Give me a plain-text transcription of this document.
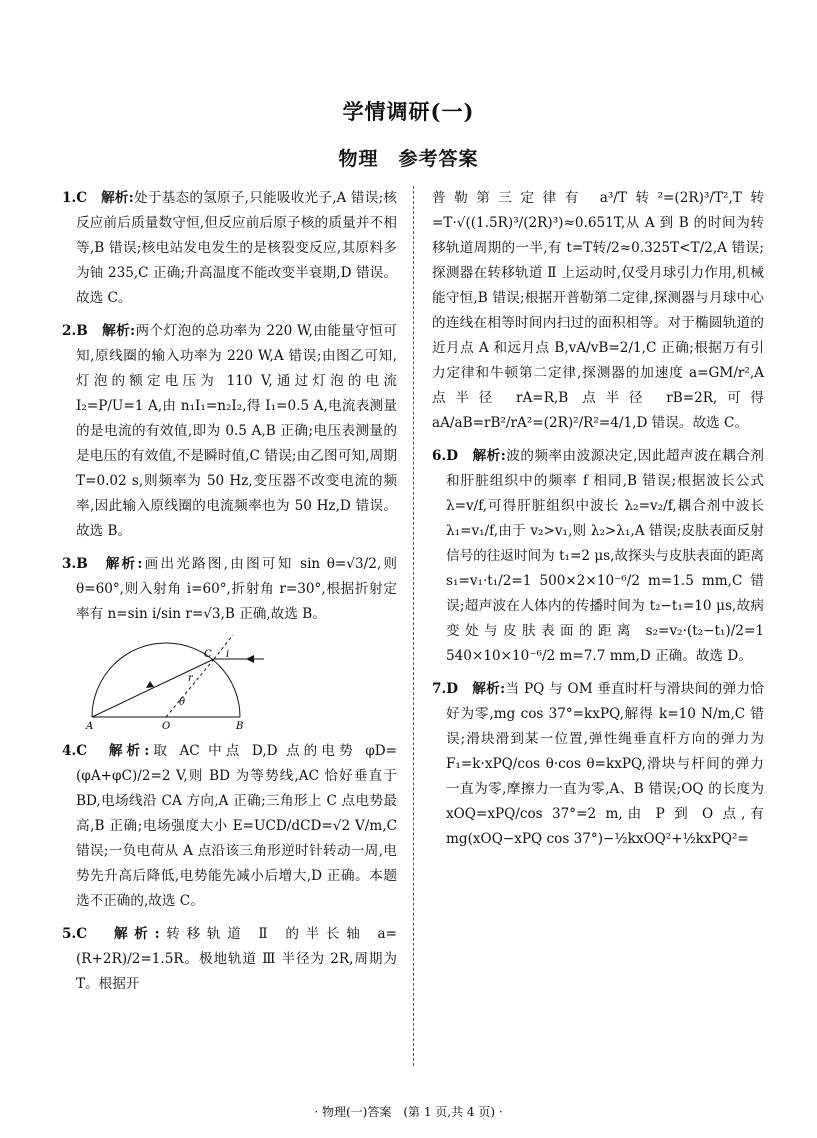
学情调研(一)
物理　参考答案

1.C　 解析:处于基态的氢原子,只能吸收光子,A 错误;核反应前后质量数守恒,但反应前后原子核的质量并不相等,B 错误;核电站发电发生的是核裂变反应,其原料多为铀 235,C 正确;升高温度不能改变半衰期,D 错误。故选 C。

2.B　 解析:两个灯泡的总功率为 220 W,由能量守恒可知,原线圈的输入功率为 220 W,A 错误;由图乙可知,灯泡的额定电压为 110 V,通过灯泡的电流 I₂=P/U=1 A,由 n₁I₁=n₂I₂,得 I₁=0.5 A,电流表测量的是电流的有效值,即为 0.5 A,B 正确;电压表测量的是电压的有效值,不是瞬时值,C 错误;由乙图可知,周期 T=0.02 s,则频率为 50 Hz,变压器不改变电流的频率,因此输入原线圈的电流频率也为 50 Hz,D 错误。故选 B。

3.B　 解析:画出光路图,由图可知 sin θ=√3/2,则 θ=60°,则入射角 i=60°,折射角 r=30°,根据折射定率有 n=sin i/sin r=√3,B 正确,故选 B。

A	O	B
C i
r
θ

4.C　 解析:取 AC 中点 D,D 点的电势 φD=(φA+φC)/2=2 V,则 BD 为等势线,AC 恰好垂直于 BD,电场线沿 CA 方向,A 正确;三角形上 C 点电势最高,B 正确;电场强度大小 E=UCD/dCD=√2 V/m,C 错误;一负电荷从 A 点沿该三角形逆时针转动一周,电势先升高后降低,电势能先减小后增大,D 正确。本题选不正确的,故选 C。

5.C　 解析:转移轨道 Ⅱ 的半长轴 a=(R+2R)/2=1.5R。极地轨道 Ⅲ 半径为 2R,周期为 T。根据开

普勒第三定律有 a³/T转²=(2R)³/T²,T转=T·√((1.5R)³/(2R)³)≈0.651T,从 A 到 B 的时间为转移轨道周期的一半,有 t=T转/2≈0.325T<T/2,A 错误;探测器在转移轨道 Ⅱ 上运动时,仅受月球引力作用,机械能守恒,B 错误;根据开普勒第二定律,探测器与月球中心的连线在相等时间内扫过的面积相等。对于椭圆轨道的近月点 A 和远月点 B,vA/vB=2/1,C 正确;根据万有引力定律和牛顿第二定律,探测器的加速度 a=GM/r²,A 点半径 rA=R,B 点半径 rB=2R,可得 aA/aB=rB²/rA²=(2R)²/R²=4/1,D 错误。故选 C。

6.D　 解析:波的频率由波源决定,因此超声波在耦合剂和肝脏组织中的频率 f 相同,B 错误;根据波长公式 λ=v/f,可得肝脏组织中波长 λ₂=v₂/f,耦合剂中波长 λ₁=v₁/f,由于 v₂>v₁,则 λ₂>λ₁,A 错误;皮肤表面反射信号的往返时间为 t₁=2 μs,故探头与皮肤表面的距离 s₁=v₁·t₁/2=1 500×2×10⁻⁶/2 m=1.5 mm,C 错误;超声波在人体内的传播时间为 t₂−t₁=10 μs,故病变处与皮肤表面的距离 s₂=v₂·(t₂−t₁)/2=1 540×10×10⁻⁶/2 m=7.7 mm,D 正确。故选 D。

7.D　 解析:当 PQ 与 OM 垂直时杆与滑块间的弹力恰好为零,mg cos 37°=kxPQ,解得 k=10 N/m,C 错误;滑块滑到某一位置,弹性绳垂直杆方向的弹力为 F₁=k·xPQ/cos θ·cos θ=kxPQ,滑块与杆间的弹力一直为零,摩擦力一直为零,A、B 错误;OQ 的长度为 xOQ=xPQ/cos 37°=2 m,由 P 到 O 点,有 mg(xOQ−xPQ cos 37°)−½kxOQ²+½kxPQ²=

· 物理(一)答案　(第 1 页,共 4 页) ·
